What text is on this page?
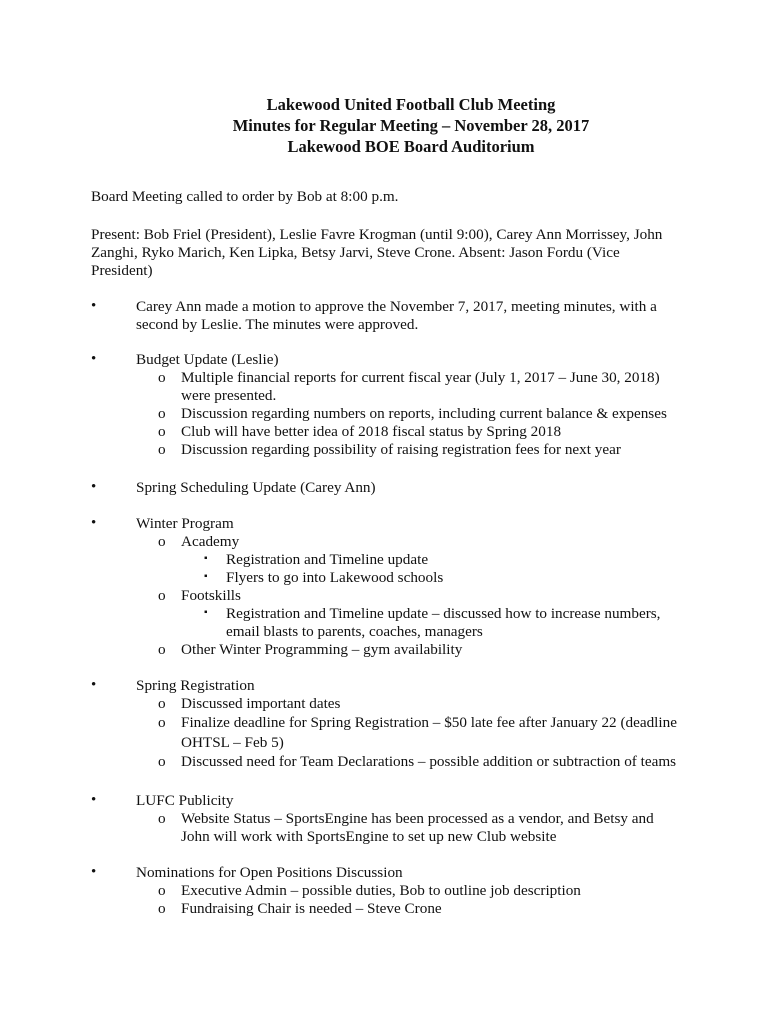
Lakewood United Football Club Meeting
Minutes for Regular Meeting – November 28, 2017
Lakewood BOE Board Auditorium
Board Meeting called to order by Bob at 8:00 p.m.
Present: Bob Friel (President), Leslie Favre Krogman (until 9:00), Carey Ann Morrissey, John
Zanghi, Ryko Marich, Ken Lipka, Betsy Jarvi, Steve Crone. Absent: Jason Fordu (Vice
President)
•
Carey Ann made a motion to approve the November 7, 2017, meeting minutes, with a
second by Leslie. The minutes were approved.
•
Budget Update (Leslie)
o	Multiple financial reports for current fiscal year (July 1, 2017 – June 30, 2018)
were presented.
o	Discussion regarding numbers on reports, including current balance & expenses
o	Club will have better idea of 2018 fiscal status by Spring 2018
o	Discussion regarding possibility of raising registration fees for next year
•
Spring Scheduling Update (Carey Ann)
•
Winter Program
o	Academy
▪ Registration and Timeline update
▪ Flyers to go into Lakewood schools
o	Footskills
▪ Registration and Timeline update – discussed how to increase numbers,
email blasts to parents, coaches, managers
o	Other Winter Programming – gym availability
•
Spring Registration
o	Discussed important dates
o	Finalize deadline for Spring Registration – $50 late fee after January 22 (deadline
OHTSL – Feb 5)
o	Discussed need for Team Declarations – possible addition or subtraction of teams
•
LUFC Publicity
o	Website Status – SportsEngine has been processed as a vendor, and Betsy and
John will work with SportsEngine to set up new Club website
•
Nominations for Open Positions Discussion
o	Executive Admin – possible duties, Bob to outline job description
o	Fundraising Chair is needed – Steve Crone
